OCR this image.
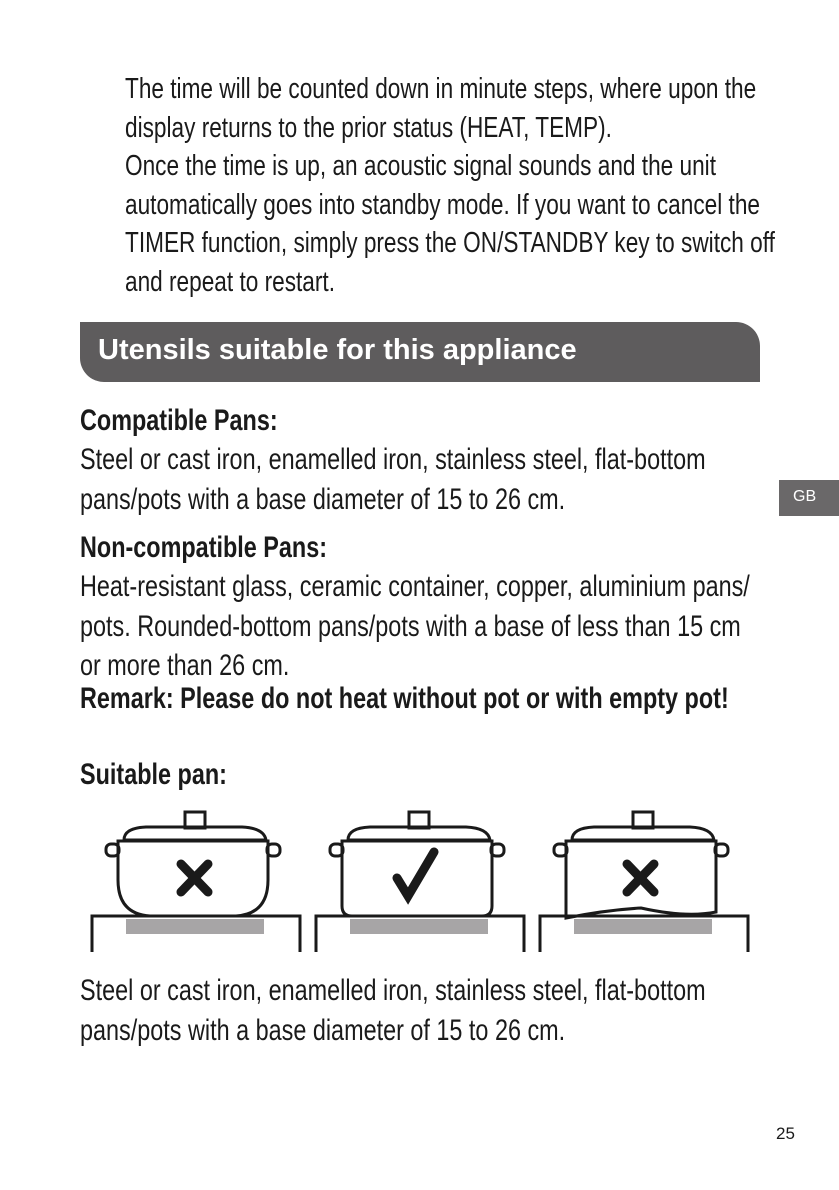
The time will be counted down in minute steps, where upon the
display returns to the prior status (HEAT, TEMP).
Once the time is up, an acoustic signal sounds and the unit
automatically goes into standby mode. If you want to cancel the
TIMER function, simply press the ON/STANDBY key to switch off
and repeat to restart.
Utensils suitable for this appliance
GB
Compatible Pans:
Steel or cast iron, enamelled iron, stainless steel, flat-bottom
pans/pots with a base diameter of 15 to 26 cm.
Non-compatible Pans:
Heat-resistant glass, ceramic container, copper, aluminium pans/
pots. Rounded-bottom pans/pots with a base of less than 15 cm
or more than 26 cm.
Remark: Please do not heat without pot or with empty pot!
Suitable pan:
Steel or cast iron, enamelled iron, stainless steel, flat-bottom
pans/pots with a base diameter of 15 to 26 cm.
25
